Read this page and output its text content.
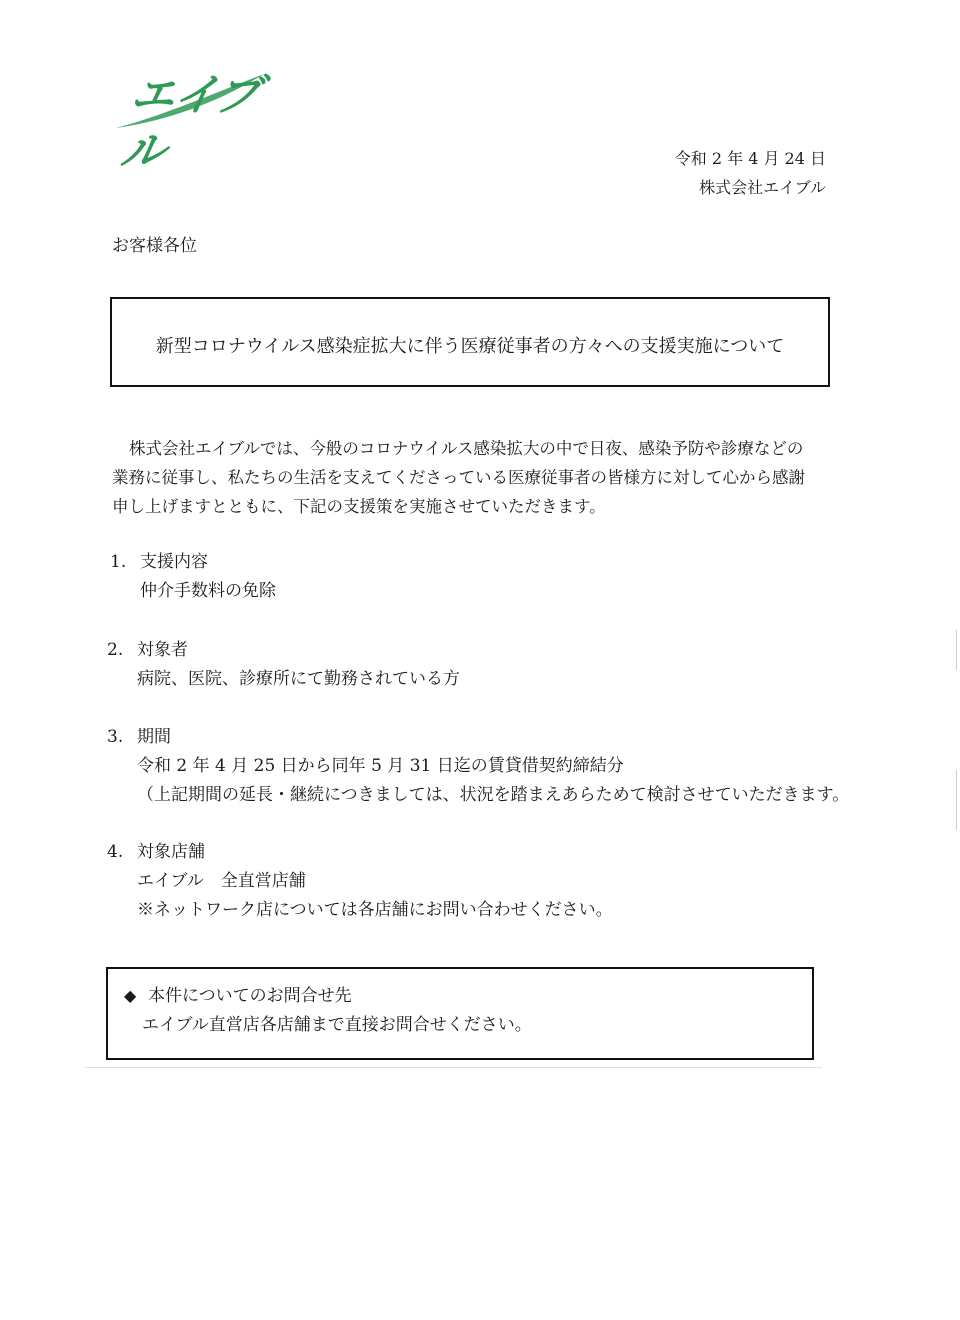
エイブル	令和 2 年 4 月 24 日
株式会社エイブル
お客様各位
新型コロナウイルス感染症拡大に伴う医療従事者の方々への支援実施について
株式会社エイブルでは、今般のコロナウイルス感染拡大の中で日夜、感染予防や診療などの
業務に従事し、私たちの生活を支えてくださっている医療従事者の皆様方に対して心から感謝
申し上げますとともに、下記の支援策を実施させていただきます。
1. 支援内容
仲介手数料の免除
2. 対象者
病院、医院、診療所にて勤務されている方
3. 期間
令和 2 年 4 月 25 日から同年 5 月 31 日迄の賃貸借契約締結分
（上記期間の延長・継続につきましては、状況を踏まえあらためて検討させていただきます。
4. 対象店舗
エイブル　全直営店舗
※ネットワーク店については各店舗にお問い合わせください。
◆ 本件についてのお問合せ先
エイブル直営店各店舗まで直接お問合せください。
